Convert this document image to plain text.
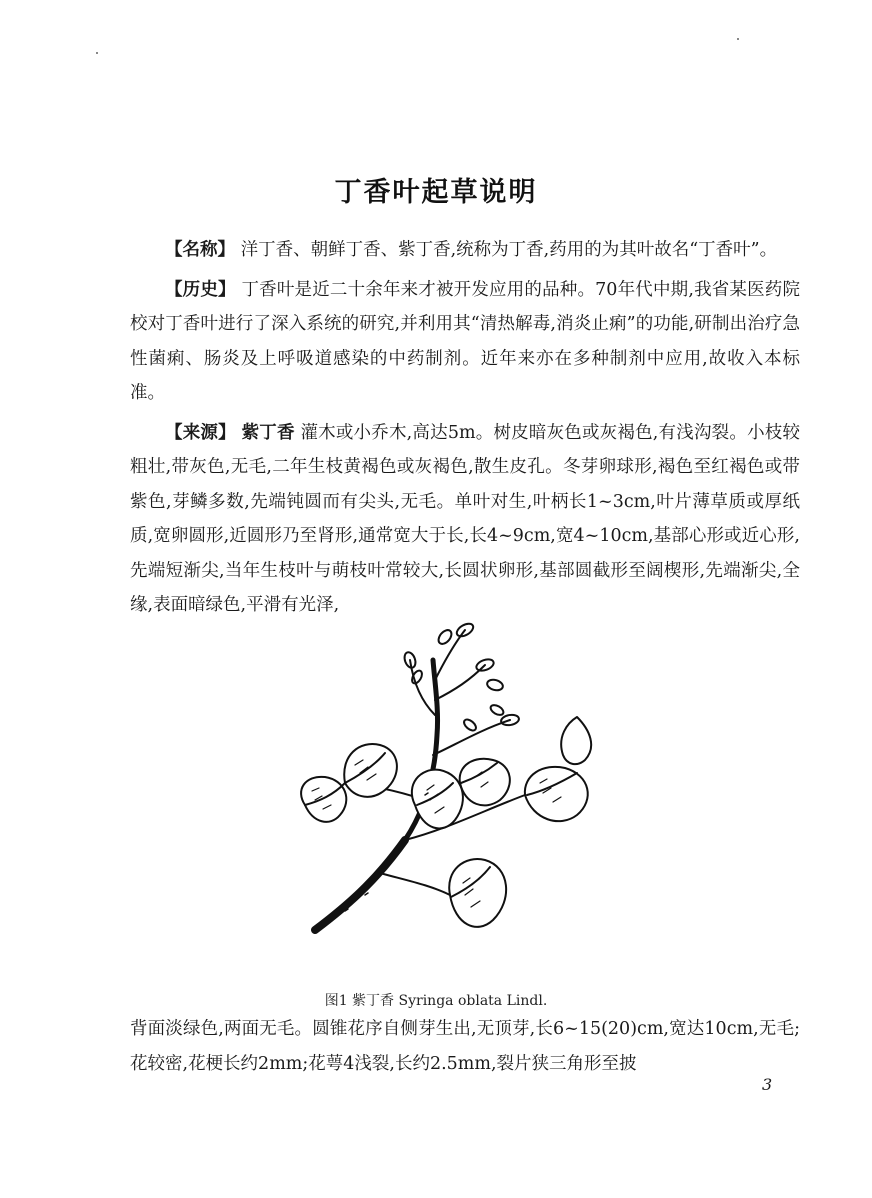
丁香叶起草说明

【名称】 洋丁香、朝鲜丁香、紫丁香,统称为丁香,药用的为其叶故名“丁香叶”。

【历史】 丁香叶是近二十余年来才被开发应用的品种。70年代中期,我省某医药院校对丁香叶进行了深入系统的研究,并利用其“清热解毒,消炎止痢”的功能,研制出治疗急性菌痢、肠炎及上呼吸道感染的中药制剂。近年来亦在多种制剂中应用,故收入本标准。

【来源】 紫丁香 灌木或小乔木,高达5m。树皮暗灰色或灰褐色,有浅沟裂。小枝较粗壮,带灰色,无毛,二年生枝黄褐色或灰褐色,散生皮孔。冬芽卵球形,褐色至红褐色或带紫色,芽鳞多数,先端钝圆而有尖头,无毛。单叶对生,叶柄长1~3cm,叶片薄草质或厚纸质,宽卵圆形,近圆形乃至肾形,通常宽大于长,长4~9cm,宽4~10cm,基部心形或近心形,先端短渐尖,当年生枝叶与萌枝叶常较大,长圆状卵形,基部圆截形至阔楔形,先端渐尖,全缘,表面暗绿色,平滑有光泽,

图1 紫丁香 Syringa oblata Lindl.
背面淡绿色,两面无毛。圆锥花序自侧芽生出,无顶芽,长6~15(20)cm,宽达10cm,无毛;花较密,花梗长约2mm;花萼4浅裂,长约2.5mm,裂片狭三角形至披
3
